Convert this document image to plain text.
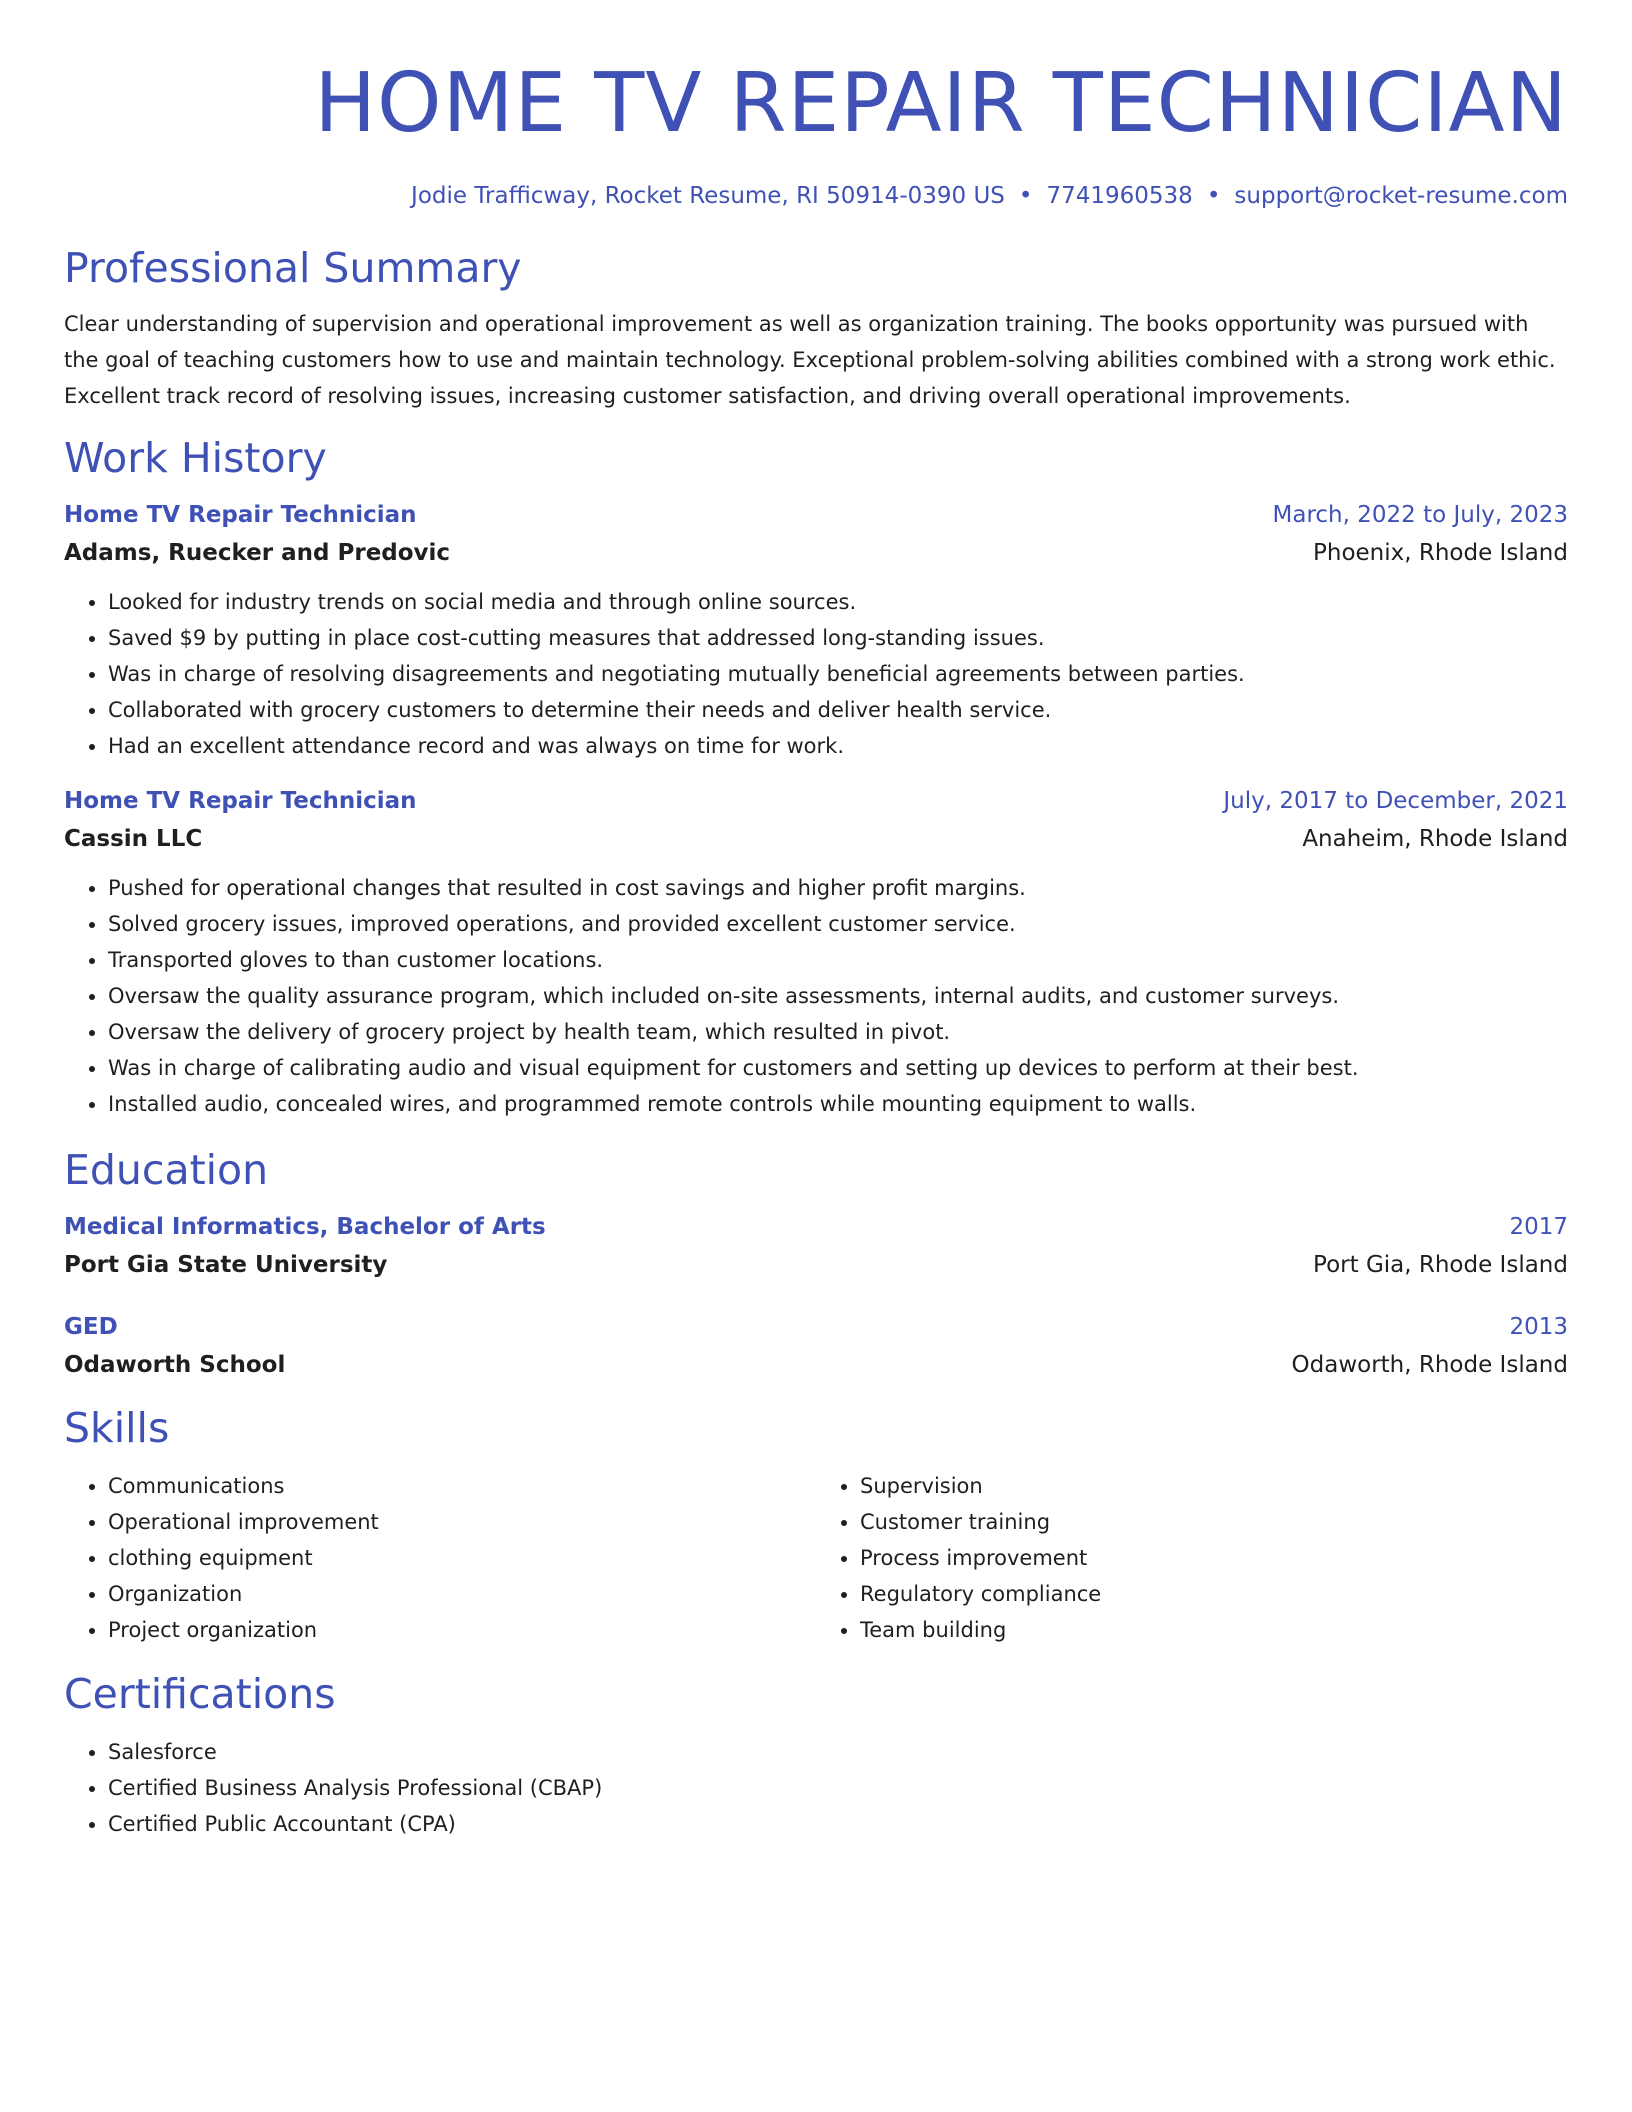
HOME TV REPAIR TECHNICIAN
Jodie Trafficway, Rocket Resume, RI 50914-0390 US • 7741960538 • support@rocket-resume.com
Professional Summary

Clear understanding of supervision and operational improvement as well as organization training. The books opportunity was pursued with the goal of teaching customers how to use and maintain technology. Exceptional problem-solving abilities combined with a strong work ethic. Excellent track record of resolving issues, increasing customer satisfaction, and driving overall operational improvements.

Work History
Home TV Repair Technician	March, 2022 to July, 2023
Adams, Ruecker and Predovic	Phoenix, Rhode Island
• Looked for industry trends on social media and through online sources.
• Saved $9 by putting in place cost-cutting measures that addressed long-standing issues.
• Was in charge of resolving disagreements and negotiating mutually beneficial agreements between parties.
• Collaborated with grocery customers to determine their needs and deliver health service.
• Had an excellent attendance record and was always on time for work.
Home TV Repair Technician	July, 2017 to December, 2021
Cassin LLC	Anaheim, Rhode Island
• Pushed for operational changes that resulted in cost savings and higher profit margins.
• Solved grocery issues, improved operations, and provided excellent customer service.
• Transported gloves to than customer locations.
• Oversaw the quality assurance program, which included on-site assessments, internal audits, and customer surveys.
• Oversaw the delivery of grocery project by health team, which resulted in pivot.
• Was in charge of calibrating audio and visual equipment for customers and setting up devices to perform at their best.
• Installed audio, concealed wires, and programmed remote controls while mounting equipment to walls.
Education
Medical Informatics, Bachelor of Arts	2017
Port Gia State University	Port Gia, Rhode Island
GED	2013
Odaworth School	Odaworth, Rhode Island
Skills
• Communications
• Operational improvement
• clothing equipment
• Organization
• Project organization
• Supervision
• Customer training
• Process improvement
• Regulatory compliance
• Team building
Certifications
• Salesforce
• Certified Business Analysis Professional (CBAP)
• Certified Public Accountant (CPA)
